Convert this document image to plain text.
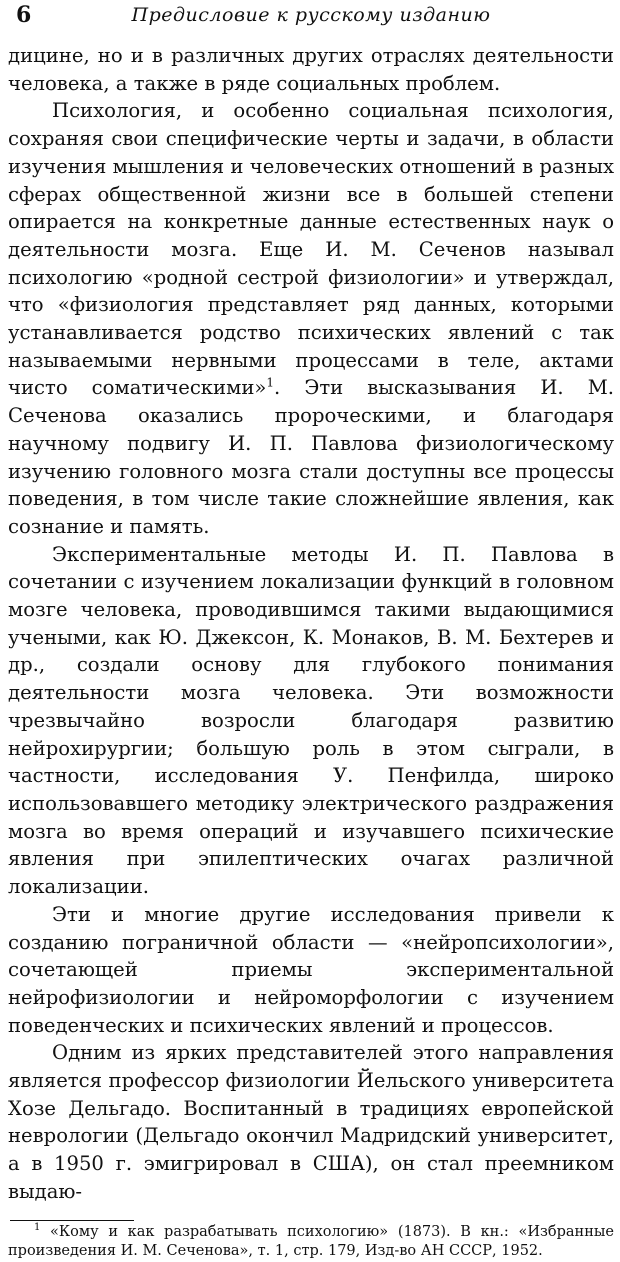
6	Предисловие к русскому изданию

дицине, но и в различных других отраслях деятельности человека, а также в ряде социальных проблем.

Психология, и особенно социальная психология, сохраняя свои специфические черты и задачи, в области изучения мышления и человеческих отношений в разных сферах общественной жизни все в большей степени опирается на конкретные данные естественных наук о деятельности мозга. Еще И. М. Сеченов называл психологию «родной сестрой физиологии» и утверждал, что «физиология представляет ряд данных, которыми устанавливается родство психических явлений с так называемыми нервными процессами в теле, актами чисто соматическими»$^1$. Эти высказывания И. М. Сеченова оказались пророческими, и благодаря научному подвигу И. П. Павлова физиологическому изучению головного мозга стали доступны все процессы поведения, в том числе такие сложнейшие явления, как сознание и память.

Экспериментальные методы И. П. Павлова в сочетании с изучением локализации функций в головном мозге человека, проводившимся такими выдающимися учеными, как Ю. Джексон, К. Монаков, В. М. Бехтерев и др., создали основу для глубокого понимания деятельности мозга человека. Эти возможности чрезвычайно возросли благодаря развитию нейрохирургии; большую роль в этом сыграли, в частности, исследования У. Пенфилда, широко использовавшего методику электрического раздражения мозга во время операций и изучавшего психические явления при эпилептических очагах различной локализации.

Эти и многие другие исследования привели к созданию пограничной области — «нейропсихологии», сочетающей приемы экспериментальной нейрофизиологии и нейроморфологии с изучением поведенческих и психических явлений и процессов.

Одним из ярких представителей этого направления является профессор физиологии Йельского университета Хозе Дельгадо. Воспитанный в традициях европейской неврологии (Дельгадо окончил Мадридский университет, а в 1950 г. эмигрировал в США), он стал преемником выдаю-

$^1$ «Кому и как разрабатывать психологию» (1873). В кн.: «Избранные произведения И. М. Сеченова», т. 1, стр. 179, Изд-во АН СССР, 1952.
